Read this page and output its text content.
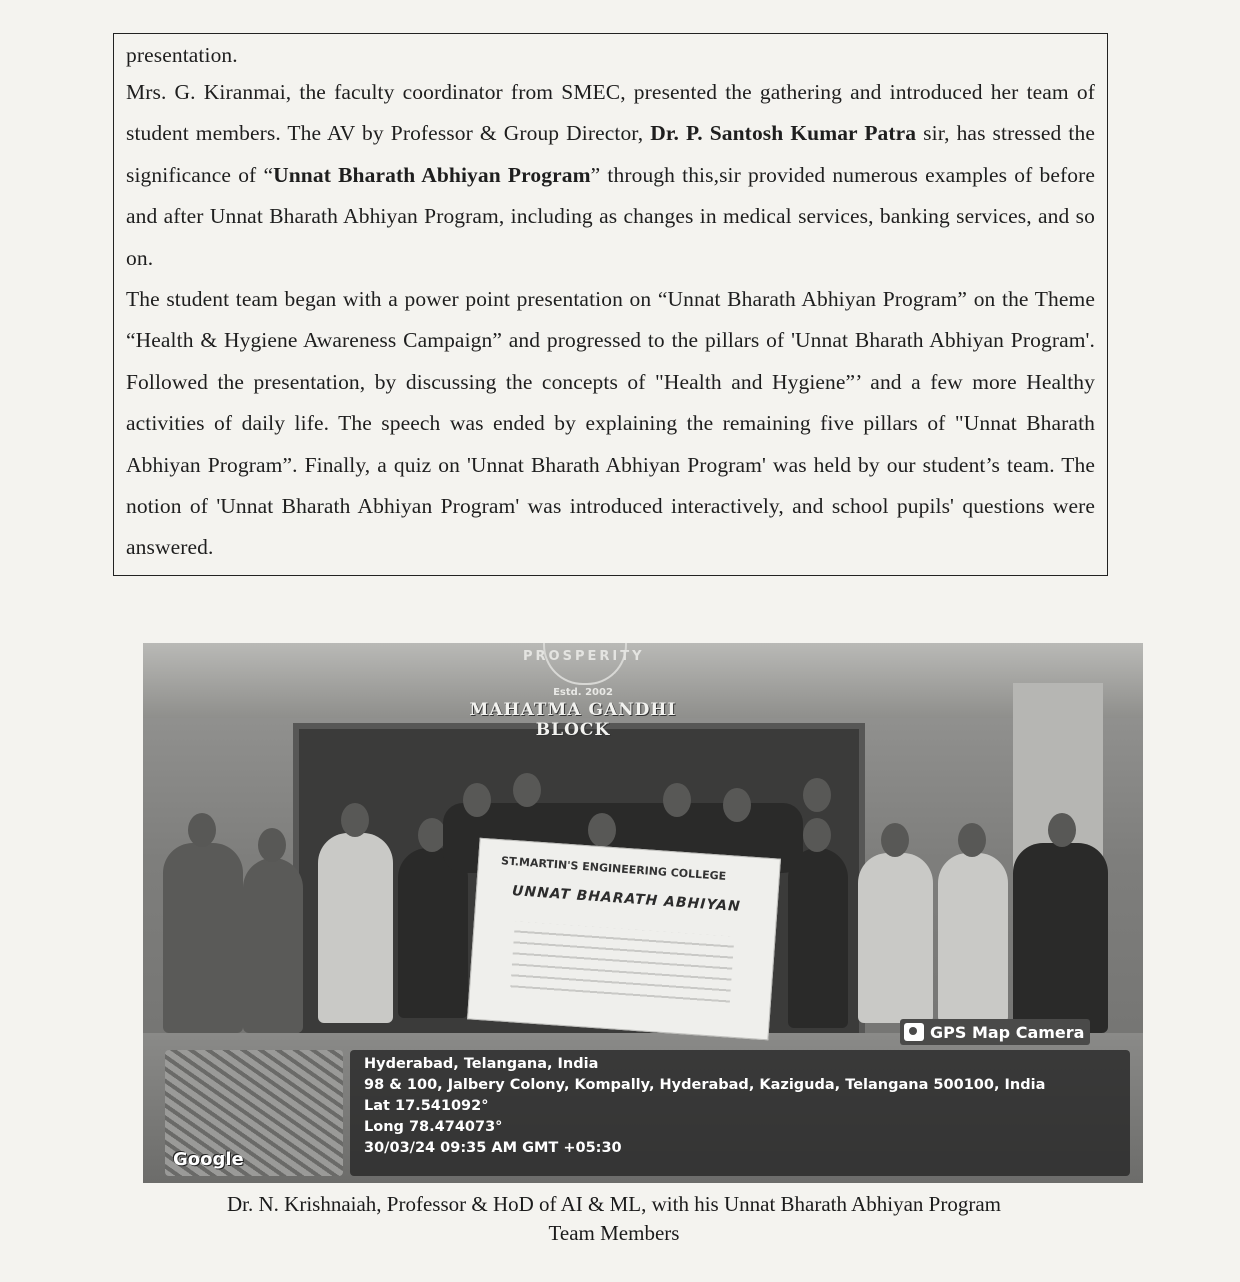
presentation.

Mrs. G. Kiranmai, the faculty coordinator from SMEC, presented the gathering and introduced her team of student members. The AV by Professor & Group Director, Dr. P. Santosh Kumar Patra sir, has stressed the significance of “Unnat Bharath Abhiyan Program” through this,sir provided numerous examples of before and after Unnat Bharath Abhiyan Program, including as changes in medical services, banking services, and so on.

The student team began with a power point presentation on “Unnat Bharath Abhiyan Program” on the Theme “Health & Hygiene Awareness Campaign” and progressed to the pillars of 'Unnat Bharath Abhiyan Program'. Followed the presentation, by discussing the concepts of "Health and Hygiene”’ and a few more Healthy activities of daily life. The speech was ended by explaining the remaining five pillars of "Unnat Bharath Abhiyan Program”. Finally, a quiz on 'Unnat Bharath Abhiyan Program' was held by our student’s team. The notion of 'Unnat Bharath Abhiyan Program' was introduced interactively, and school pupils' questions were answered.

PROSPERITY
Estd. 2002
MAHATMA GANDHI BLOCK
ST.MARTIN'S ENGINEERING COLLEGE
UNNAT BHARATH ABHIYAN
GPS Map Camera
Google
Hyderabad, Telangana, India
98 & 100, Jalbery Colony, Kompally, Hyderabad, Kaziguda, Telangana 500100, India
Lat 17.541092°
Long 78.474073°
30/03/24 09:35 AM GMT +05:30
Dr. N. Krishnaiah, Professor & HoD of AI & ML, with his Unnat Bharath Abhiyan Program
Team Members
